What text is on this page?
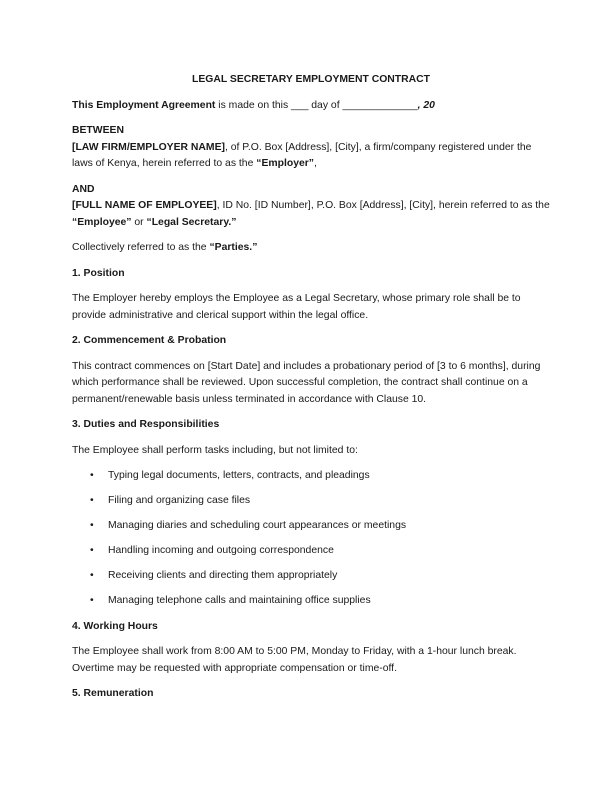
LEGAL SECRETARY EMPLOYMENT CONTRACT

This Employment Agreement is made on this ___ day of _____________, 20

BETWEEN
[LAW FIRM/EMPLOYER NAME], of P.O. Box [Address], [City], a firm/company registered under the laws of Kenya, herein referred to as the “Employer”,
AND
[FULL NAME OF EMPLOYEE], ID No. [ID Number], P.O. Box [Address], [City], herein referred to as the “Employee” or “Legal Secretary.”

Collectively referred to as the “Parties.”

1. Position

The Employer hereby employs the Employee as a Legal Secretary, whose primary role shall be to provide administrative and clerical support within the legal office.

2. Commencement & Probation

This contract commences on [Start Date] and includes a probationary period of [3 to 6 months], during which performance shall be reviewed. Upon successful completion, the contract shall continue on a permanent/renewable basis unless terminated in accordance with Clause 10.

3. Duties and Responsibilities

The Employee shall perform tasks including, but not limited to:

• Typing legal documents, letters, contracts, and pleadings
• Filing and organizing case files
• Managing diaries and scheduling court appearances or meetings
• Handling incoming and outgoing correspondence
• Receiving clients and directing them appropriately
• Managing telephone calls and maintaining office supplies
4. Working Hours

The Employee shall work from 8:00 AM to 5:00 PM, Monday to Friday, with a 1-hour lunch break. Overtime may be requested with appropriate compensation or time-off.

5. Remuneration
